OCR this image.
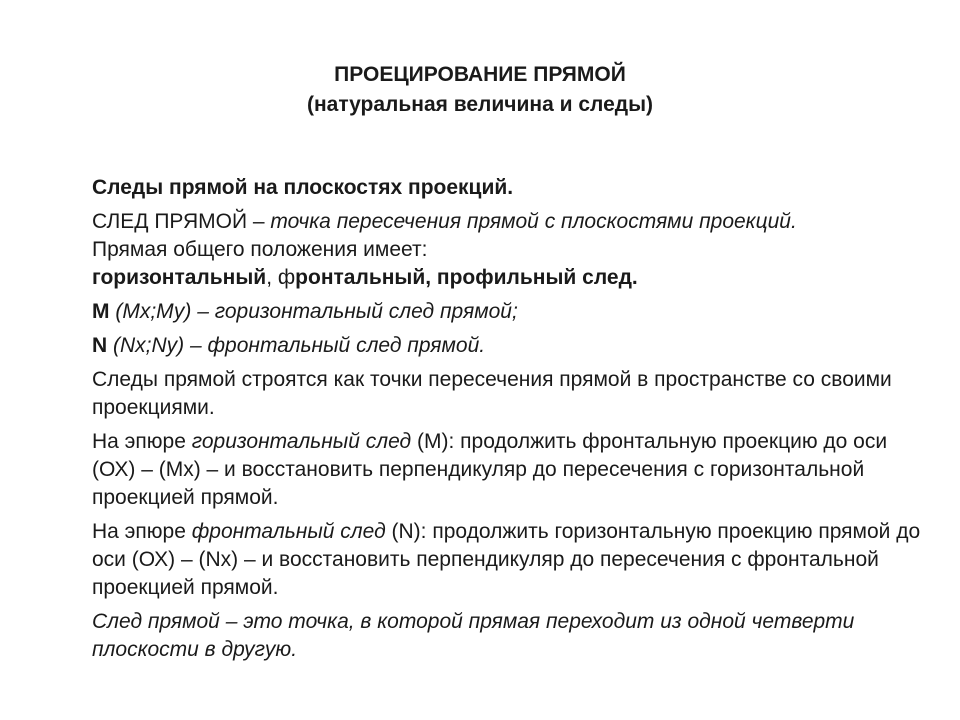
ПРОЕЦИРОВАНИЕ ПРЯМОЙ
(натуральная величина и следы)

Следы прямой на плоскостях проекций.

СЛЕД ПРЯМОЙ – точка пересечения прямой с плоскостями проекций.
Прямая общего положения имеет:
горизонтальный, фронтальный, профильный след.

М (Мх;Му) – горизонтальный след прямой;

N (Nх;Ny) – фронтальный след прямой.

Следы прямой строятся как точки пересечения прямой в пространстве со своими проекциями.

На эпюре горизонтальный след (М): продолжить фронтальную проекцию до оси (ОХ) – (Мх) – и восстановить перпендикуляр до пересечения с горизонтальной проекцией прямой.

На эпюре фронтальный след (N): продолжить горизонтальную проекцию прямой до оси (ОХ) – (Nх) – и восстановить перпендикуляр до пересечения с фронтальной проекцией прямой.

След прямой – это точка, в которой прямая переходит из одной четверти плоскости в другую.
